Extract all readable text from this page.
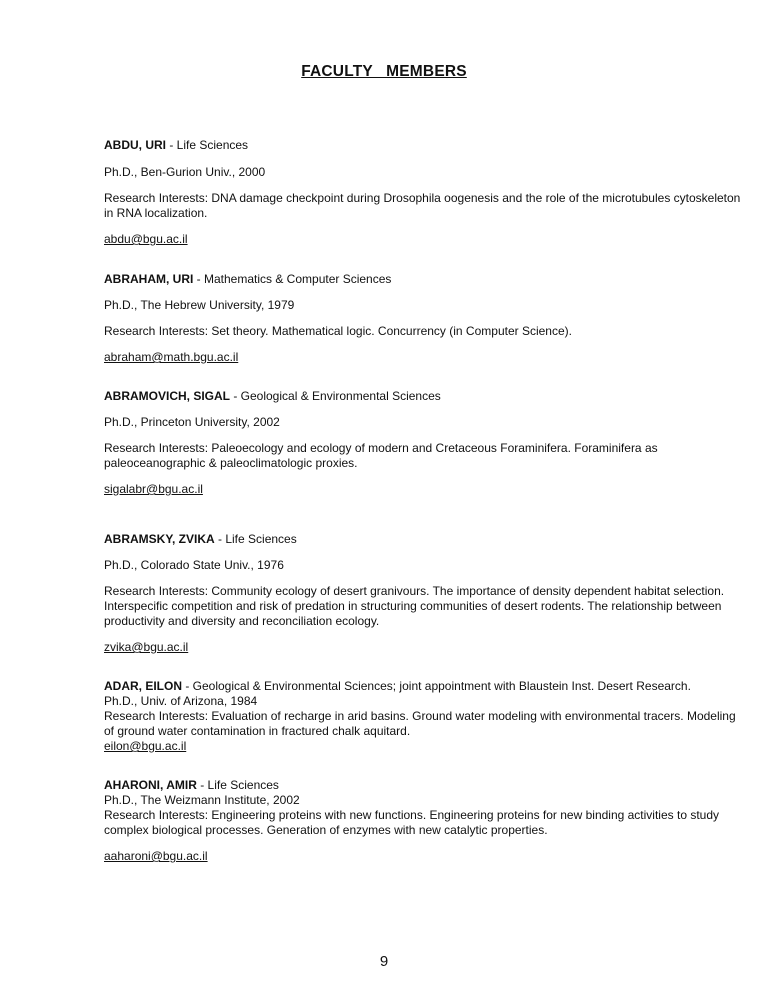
FACULTY   MEMBERS
ABDU, URI - Life Sciences
Ph.D., Ben-Gurion Univ., 2000
Research Interests: DNA damage checkpoint during Drosophila oogenesis and the role of the microtubules cytoskeleton
in RNA localization.
abdu@bgu.ac.il
ABRAHAM, URI - Mathematics & Computer Sciences
Ph.D., The Hebrew University, 1979
Research Interests: Set theory. Mathematical logic. Concurrency (in Computer Science).
abraham@math.bgu.ac.il
ABRAMOVICH, SIGAL - Geological & Environmental Sciences
Ph.D., Princeton University, 2002
Research Interests: Paleoecology and ecology of modern and Cretaceous Foraminifera. Foraminifera as
paleoceanographic & paleoclimatologic proxies.
sigalabr@bgu.ac.il
ABRAMSKY, ZVIKA - Life Sciences
Ph.D., Colorado State Univ., 1976
Research Interests: Community ecology of desert granivours. The importance of density dependent habitat selection.
Interspecific competition and risk of predation in structuring communities of desert rodents. The relationship between
productivity and diversity and reconciliation ecology.
zvika@bgu.ac.il
ADAR, EILON - Geological & Environmental Sciences; joint appointment with Blaustein Inst. Desert Research.
Ph.D., Univ. of Arizona, 1984
Research Interests: Evaluation of recharge in arid basins. Ground water modeling with environmental tracers. Modeling
of ground water contamination in fractured chalk aquitard.
eilon@bgu.ac.il
AHARONI, AMIR - Life Sciences
Ph.D., The Weizmann Institute, 2002
Research Interests: Engineering proteins with new functions. Engineering proteins for new binding activities to study
complex biological processes. Generation of enzymes with new catalytic properties.
aaharoni@bgu.ac.il
9
